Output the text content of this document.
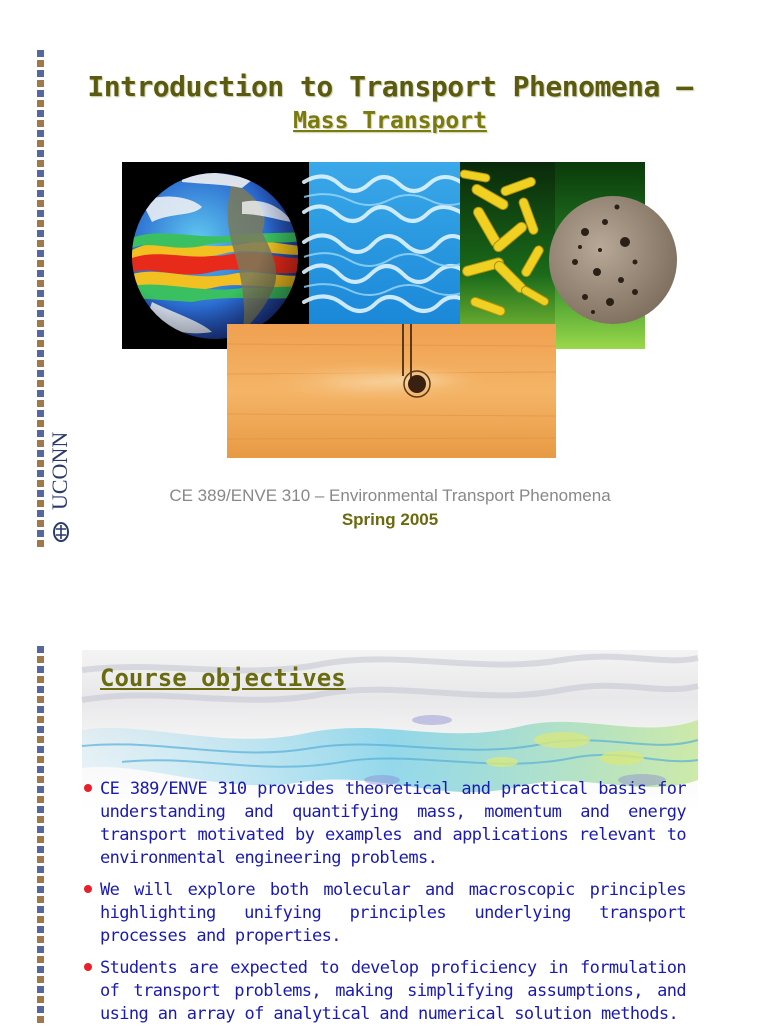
UCONN
Introduction to Transport Phenomena –
Mass Transport
CE 389/ENVE 310 – Environmental Transport Phenomena
Spring 2005
Course objectives
CE 389/ENVE 310 provides theoretical and practical basis for understanding and quantifying mass, momentum and energy transport motivated by examples and applications relevant to environmental engineering problems.
We will explore both molecular and macroscopic principles highlighting unifying principles underlying transport processes and properties.
Students are expected to develop proficiency in formulation of transport problems, making simplifying assumptions, and using an array of analytical and numerical solution methods.
